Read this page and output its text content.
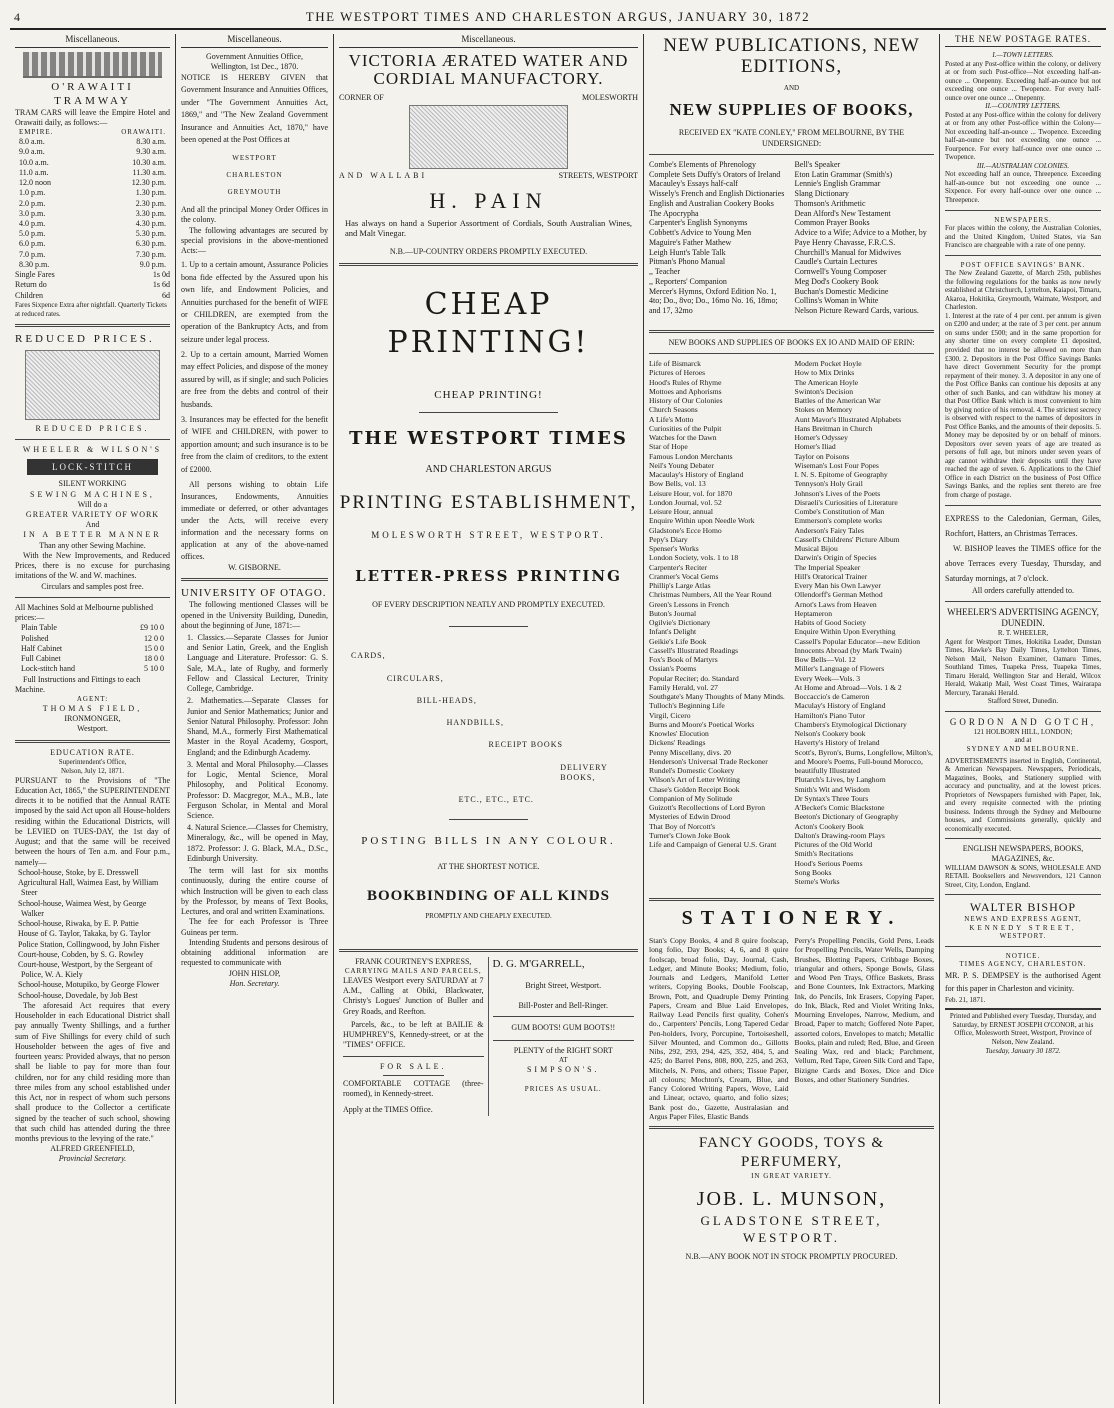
4	THE WESTPORT TIMES AND CHARLESTON ARGUS, JANUARY 30, 1872
Miscellaneous.
O'RAWAITI TRAMWAY
TRAM CARS will leave the Empire Hotel and Orawaiti daily, as follows:—
EMPIRE.	ORAWAITI.
8.0 a.m.	8.30 a.m.
9.0 a.m.	9.30 a.m.
10.0 a.m.	10.30 a.m.
11.0 a.m.	11.30 a.m.
12.0 noon	12.30 p.m.
1.0 p.m.	1.30 p.m.
2.0 p.m.	2.30 p.m.
3.0 p.m.	3.30 p.m.
4.0 p.m.	4.30 p.m.
5.0 p.m.	5.30 p.m.
6.0 p.m.	6.30 p.m.
7.0 p.m.	7.30 p.m.
8.30 p.m.	9.0 p.m.
Single Fares	1s 0d
Return do	1s 6d
Children	6d
Fares Sixpence Extra after nightfall. Quarterly Tickets at reduced rates.
REDUCED PRICES.
REDUCED PRICES.
WHEELER & WILSON'S
LOCK-STITCH
SILENT WORKING
SEWING MACHINES,
Will do a
GREATER VARIETY OF WORK
And
IN A BETTER MANNER
Than any other Sewing Machine.
With the New Improvements, and Reduced Prices, there is no excuse for purchasing imitations of the W. and W. machines.
Circulars and samples post free.
All Machines Sold at Melbourne published prices:—
Plain Table	£9 10 0
Polished	12 0 0
Half Cabinet	15 0 0
Full Cabinet	18 0 0
Lock-stitch hand	5 10 0
Full Instructions and Fittings to each Machine.
AGENT:
THOMAS FIELD,
IRONMONGER,
Westport.
EDUCATION RATE.
Superintendent's Office,
Nelson, July 12, 1871.
PURSUANT to the Provisions of "The Education Act, 1865," the SUPERINTENDENT directs it to be notified that the Annual RATE imposed by the said Act upon all House-holders residing within the Educational Districts, will be LEVIED on TUES-DAY, the 1st day of August; and that the same will be received between the hours of Ten a.m. and Four p.m., namely—
School-house, Stoke, by E. Dresswell
Agricultural Hall, Waimea East, by William Steer
School-house, Waimea West, by George Walker
School-house, Riwaka, by E. P. Pattie
House of G. Taylor, Takaka, by G. Taylor
Police Station, Collingwood, by John Fisher
Court-house, Cobden, by S. G. Rowley
Court-house, Westport, by the Sergeant of Police, W. A. Kiely
School-house, Motupiko, by George Flower
School-house, Dovedale, by Job Best
The aforesaid Act requires that every Householder in each Educational District shall pay annually Twenty Shillings, and a further sum of Five Shillings for every child of such Householder between the ages of five and fourteen years: Provided always, that no person shall be liable to pay for more than four children, nor for any child residing more than three miles from any school established under this Act, nor in respect of whom such persons shall produce to the Collector a certificate signed by the teacher of such school, showing that such child has attended during the three months previous to the levying of the rate."
ALFRED GREENFIELD,
Provincial Secretary.
Miscellaneous.
Government Annuities Office,
Wellington, 1st Dec., 1870.
NOTICE IS HEREBY GIVEN that Government Insurance and Annuities Offices, under "The Government Annuities Act, 1869," and "The New Zealand Government Insurance and Annuities Act, 1870," have been opened at the Post Offices at
WESTPORT
CHARLESTON
GREYMOUTH
And all the principal Money Order Offices in the colony.
The following advantages are secured by special provisions in the above-mentioned Acts:—
1. Up to a certain amount, Assurance Policies bona fide effected by the Assured upon his own life, and Endowment Policies, and Annuities purchased for the benefit of WIFE or CHILDREN, are exempted from the operation of the Bankruptcy Acts, and from seizure under legal process.
2. Up to a certain amount, Married Women may effect Policies, and dispose of the money assured by will, as if single; and such Policies are free from the debts and control of their husbands.
3. Insurances may be effected for the benefit of WIFE and CHILDREN, with power to apportion amount; and such insurance is to be free from the claim of creditors, to the extent of £2000.
All persons wishing to obtain Life Insurances, Endowments, Annuities immediate or deferred, or other advantages under the Acts, will receive every information and the necessary forms on application at any of the above-named offices.
W. GISBORNE.
UNIVERSITY OF OTAGO.
The following mentioned Classes will be opened in the University Building, Dunedin, about the beginning of June, 1871:—
1. Classics.—Separate Classes for Junior and Senior Latin, Greek, and the English Language and Literature. Professor: G. S. Sale, M.A., late of Rugby, and formerly Fellow and Classical Lecturer, Trinity College, Cambridge.
2. Mathematics.—Separate Classes for Junior and Senior Mathematics; Junior and Senior Natural Philosophy. Professor: John Shand, M.A., formerly First Mathematical Master in the Royal Academy, Gosport, England; and the Edinburgh Academy.
3. Mental and Moral Philosophy.—Classes for Logic, Mental Science, Moral Philosophy, and Political Economy. Professor: D. Macgregor, M.A., M.B., late Ferguson Scholar, in Mental and Moral Science.
4. Natural Science.—Classes for Chemistry, Mineralogy, &c., will be opened in May, 1872. Professor: J. G. Black, M.A., D.Sc., Edinburgh University.
The term will last for six months continuously, during the entire course of which Instruction will be given to each class by the Professor, by means of Text Books, Lectures, and oral and written Examinations.
The fee for each Professor is Three Guineas per term.
Intending Students and persons desirous of obtaining additional information are requested to communicate with
JOHN HISLOP,
Hon. Secretary.
Miscellaneous.
VICTORIA ÆRATED WATER AND CORDIAL MANUFACTORY.
CORNER OF	MOLESWORTH
AND WALLABI	STREETS, WESTPORT
H. PAIN
Has always on hand a Superior Assortment of Cordials, South Australian Wines, and Malt Vinegar.
N.B.—UP-COUNTRY ORDERS PROMPTLY EXECUTED.
CHEAP PRINTING!
CHEAP PRINTING!
THE WESTPORT TIMES
AND CHARLESTON ARGUS
PRINTING ESTABLISHMENT,
MOLESWORTH STREET, WESTPORT.
LETTER-PRESS PRINTING
OF EVERY DESCRIPTION NEATLY AND PROMPTLY EXECUTED.
CARDS,
CIRCULARS,
BILL-HEADS,
HANDBILLS,
RECEIPT BOOKS
DELIVERY BOOKS,
ETC., ETC., ETC.
POSTING BILLS IN ANY COLOUR.
AT THE SHORTEST NOTICE.
BOOKBINDING OF ALL KINDS
PROMPTLY AND CHEAPLY EXECUTED.
FRANK COURTNEY'S EXPRESS,
CARRYING MAILS AND PARCELS,
LEAVES Westport every SATURDAY at 7 A.M., Calling at Obiki, Blackwater, Christy's Logues' Junction of Buller and Grey Roads, and Reefton.
Parcels, &c., to be left at BAILIE & HUMPHREY'S, Kennedy-street, or at the "TIMES" OFFICE.
FOR SALE.
COMFORTABLE COTTAGE (three-roomed), in Kennedy-street.
Apply at the TIMES Office.
D. G. M'GARRELL,
Bright Street, Westport.
Bill-Poster and Bell-Ringer.
GUM BOOTS! GUM BOOTS!!
PLENTY of the RIGHT SORT
AT
SIMPSON'S.
PRICES AS USUAL.
NEW PUBLICATIONS, NEW EDITIONS,
AND
NEW SUPPLIES OF BOOKS,
RECEIVED EX "KATE CONLEY," FROM MELBOURNE, BY THE UNDERSIGNED:
Combe's Elements of Phrenology
Complete Sets Duffy's Orators of Ireland
Macauley's Essays half-calf
Wissely's French and English Dictionaries
English and Australian Cookery Books
The Apocrypha
Carpenter's English Synonyms
Cobbett's Advice to Young Men
Maguire's Father Mathew
Leigh Hunt's Table Talk
Pitman's Phono Manual
,, Teacher
,, Reporters' Companion
Mercer's Hymns, Oxford Edition No. 1, 4to; Do., 8vo; Do., 16mo No. 16, 18mo; and 17, 32mo
Bell's Speaker
Eton Latin Grammar (Smith's)
Lennie's English Grammar
Slang Dictionary
Thomson's Arithmetic
Dean Alford's New Testament
Common Prayer Books
Advice to a Wife; Advice to a Mother, by Paye Henry Chavasse, F.R.C.S.
Churchill's Manual for Midwives
Caudle's Curtain Lectures
Cornwell's Young Composer
Meg Dod's Cookery Book
Buchan's Domestic Medicine
Collins's Woman in White
Nelson Picture Reward Cards, various.
NEW BOOKS AND SUPPLIES OF BOOKS EX IO AND MAID OF ERIN:
Life of Bismarck
Pictures of Heroes
Hood's Rules of Rhyme
Mottoes and Aphorisms
History of Our Colonies
Church Seasons
A Life's Motto
Curiosities of the Pulpit
Watches for the Dawn
Star of Hope
Famous London Merchants
Neil's Young Debater
Macaulay's History of England
Bow Bells, vol. 13
Leisure Hour, vol. for 1870
London Journal, vol. 52
Leisure Hour, annual
Enquire Within upon Needle Work
Gladstone's Ecce Homo
Pepy's Diary
Spenser's Works
London Society, vols. 1 to 18
Carpenter's Reciter
Cranmer's Vocal Gems
Phillip's Large Atlas
Christmas Numbers, All the Year Round
Green's Lessons in French
Buton's Journal
Ogilvie's Dictionary
Infant's Delight
Geikie's Life Book
Cassell's Illustrated Readings
Fox's Book of Martyrs
Ossian's Poems
Popular Reciter; do. Standard
Family Herald, vol. 27
Southgate's Many Thoughts of Many Minds.
Tulloch's Beginning Life
Virgil, Cicero
Burns and Moore's Poetical Works
Knowles' Elocution
Dickens' Readings
Penny Miscellany, divs. 20
Henderson's Universal Trade Reckoner
Rundel's Domestic Cookery
Wilson's Art of Letter Writing
Chase's Golden Receipt Book
Companion of My Solitude
Guizott's Recollections of Lord Byron
Mysteries of Edwin Drood
That Boy of Norcott's
Turner's Clown Joke Book
Life and Campaign of General U.S. Grant
Modern Pocket Hoyle
How to Mix Drinks
The American Hoyle
Swinton's Decision
Battles of the American War
Stokes on Memory
Aunt Mavor's Illustrated Alphabets
Hans Breitman in Church
Homer's Odyssey
Homer's Iliad
Taylor on Poisons
Wiseman's Lost Four Popes
I. N. S. Epitome of Geography
Tennyson's Holy Grail
Johnson's Lives of the Poets
Disraeli's Curiosities of Literature
Combe's Constitution of Man
Emmerson's complete works
Anderson's Fairy Tales
Cassell's Childrens' Picture Album
Musical Bijou
Darwin's Origin of Species
The Imperial Speaker
Hill's Oratorical Trainer
Every Man his Own Lawyer
Ollendorff's German Method
Arnot's Laws from Heaven
Heptameron
Habits of Good Society
Enquire Within Upon Everything
Cassell's Popular Educator—new Edition
Innocents Abroad (by Mark Twain)
Bow Bells—Vol. 12
Miller's Language of Flowers
Every Week—Vols. 3
At Home and Abroad—Vols. 1 & 2
Boccaccio's de Cameron
Maculay's History of England
Hamilton's Piano Tutor
Chambers's Etymological Dictionary
Nelson's Cookery book
Haverty's History of Ireland
Scott's, Byron's, Burns, Longfellow, Milton's, and Moore's Poems, Full-bound Morocco, beautifully Illustrated
Plutarch's Lives, by Langhorn
Smith's Wit and Wisdom
Dr Syntax's Three Tours
A'Becket's Comic Blackstone
Beeton's Dictionary of Geography
Acton's Cookery Book
Dalton's Drawing-room Plays
Pictures of the Old World
Smith's Recitations
Hood's Serious Poems
Song Books
Sterne's Works
STATIONERY.
Stan's Copy Books, 4 and 8 quire foolscap, long folio, Day Books; 4, 6, and 8 quire foolscap, broad folio, Day, Journal, Cash, Ledger, and Minute Books; Medium, folio, Journals and Ledgers, Manifold Letter writers, Copying Books, Double Foolscap, Brown, Pott, and Quadruple Demy Printing Papers, Cream and Blue Laid Envelopes, Railway Lead Pencils first quality, Cohen's do., Carpenters' Pencils, Long Tapered Cedar Pen-holders, Ivory, Porcupine, Tortoiseshell, Silver Mounted, and Common do., Gillotts Nibs, 292, 293, 294, 425, 352, 404, 5, and 425; do Barrel Pens, 808, 800, 225, and 263, Mitchels, N. Pens, and others; Tissue Paper, all colours; Mochton's, Cream, Blue, and Fancy Colored Writing Papers, Wove, Laid and Linear, octavo, quarto, and folio sizes; Bank post do., Gazette, Australasian and Argus Paper Files, Elastic Bands
Perry's Propelling Pencils, Gold Pens, Leads for Propelling Pencils, Water Wells, Damping Brushes, Blotting Papers, Cribbage Boxes, triangular and others, Sponge Bowls, Glass and Wood Pen Trays, Office Baskets, Brass and Bone Counters, Ink Extractors, Marking Ink, do Pencils, Ink Erasers, Copying Paper, do Ink, Black, Red and Violet Writing Inks, Mourning Envelopes, Narrow, Medium, and Broad, Paper to match; Goffered Note Paper, assorted colors, Envelopes to match; Metallic Books, plain and ruled; Red, Blue, and Green Sealing Wax, red and black; Parchment, Vellum, Red Tape, Green Silk Cord and Tape, Bizigne Cards and Boxes, Dice and Dice Boxes, and other Stationery Sundries.
FANCY GOODS, TOYS & PERFUMERY,
IN GREAT VARIETY.
JOB. L. MUNSON,
GLADSTONE STREET, WESTPORT.
N.B.—ANY BOOK NOT IN STOCK PROMPTLY PROCURED.
THE NEW POSTAGE RATES.
I.—TOWN LETTERS.
Posted at any Post-office within the colony, or delivery at or from such Post-office—Not exceeding half-an-ounce ... Onepenny. Exceeding half-an-ounce but not exceeding one ounce ... Twopence. For every half-ounce over one ounce ... Onepenny.
II.—COUNTRY LETTERS.
Posted at any Post-office within the colony for delivery at or from any other Post-office within the Colony—Not exceeding half-an-ounce ... Twopence. Exceeding half-an-ounce but not exceeding one ounce ... Fourpence. For every half-ounce over one ounce ... Twopence.
III.—AUSTRALIAN COLONIES.
Not exceeding half an ounce, Threepence. Exceeding half-an-ounce but not exceeding one ounce ... Sixpence. For every half-ounce over one ounce ... Threepence.
NEWSPAPERS.
For places within the colony, the Australian Colonies, and the United Kingdom, United States, via San Francisco are chargeable with a rate of one penny.
POST OFFICE SAVINGS' BANK.
The New Zealand Gazette, of March 25th, publishes the following regulations for the banks as now newly established at Christchurch, Lyttelton, Kaiapoi, Timaru, Akaroa, Hokitika, Greymouth, Waimate, Westport, and Charleston.
1. Interest at the rate of 4 per cent. per annum is given on £200 and under; at the rate of 3 per cent. per annum on sums under £500; and in the same proportion for any shorter time on every complete £1 deposited, provided that no interest be allowed on more than £300. 2. Depositors in the Post Office Savings Banks have direct Government Security for the prompt repayment of their money. 3. A depositor in any one of the Post Office Banks can continue his deposits at any other of such Banks, and can withdraw his money at that Post Office Bank which is most convenient to him by giving notice of his removal. 4. The strictest secrecy is observed with respect to the names of depositors in Post Office Banks, and the amounts of their deposits. 5. Money may be deposited by or on behalf of minors. Depositors over seven years of age are treated as persons of full age, but minors under seven years of age cannot withdraw their deposits until they have reached the age of seven. 6. Applications to the Chief Office in each District on the business of Post Office Savings Banks, and the replies sent thereto are free from charge of postage.
EXPRESS to the Caledonian, German, Giles, Rochfort, Hatters, an Christmas Terraces.
W. BISHOP leaves the TIMES office for the above Terraces every Tuesday, Thursday, and Saturday mornings, at 7 o'clock.
All orders carefully attended to.
WHEELER'S ADVERTISING AGENCY, DUNEDIN.
R. T. WHEELER,
Agent for Westport Times, Hokitika Leader, Dunstan Times, Hawke's Bay Daily Times, Lyttelton Times, Nelson Mail, Nelson Examiner, Oamaru Times, Southland Times, Tuapeka Press, Tuapeka Times, Timaru Herald, Wellington Star and Herald, Wilcox Herald, Wakatip Mail, West Coast Times, Wairarapa Mercury, Taranaki Herald.
Stafford Street, Dunedin.
GORDON AND GOTCH,
121 HOLBORN HILL, LONDON;
and at
SYDNEY AND MELBOURNE.
ADVERTISEMENTS inserted in English, Continental, & American Newspapers. Newspapers, Periodicals, Magazines, Books, and Stationery supplied with accuracy and punctuality, and at the lowest prices. Proprietors of Newspapers furnished with Paper, Ink, and every requisite connected with the printing business. Indents through the Sydney and Melbourne houses, and Commissions generally, quickly and economically executed.
ENGLISH NEWSPAPERS, BOOKS, MAGAZINES, &c.
WILLIAM DAWSON & SONS, WHOLESALE AND RETAIL Booksellers and Newsvendors, 121 Cannon Street, City, London, England.
WALTER BISHOP
NEWS AND EXPRESS AGENT,
KENNEDY STREET,
WESTPORT.
NOTICE.
TIMES AGENCY, CHARLESTON.
MR. P. S. DEMPSEY is the authorised Agent for this paper in Charleston and vicinity.
Feb. 21, 1871.
Printed and Published every Tuesday, Thursday, and Saturday, by ERNEST JOSEPH O'CONOR, at his Office, Molesworth Street, Westport, Province of Nelson, New Zealand.
Tuesday, January 30 1872.
